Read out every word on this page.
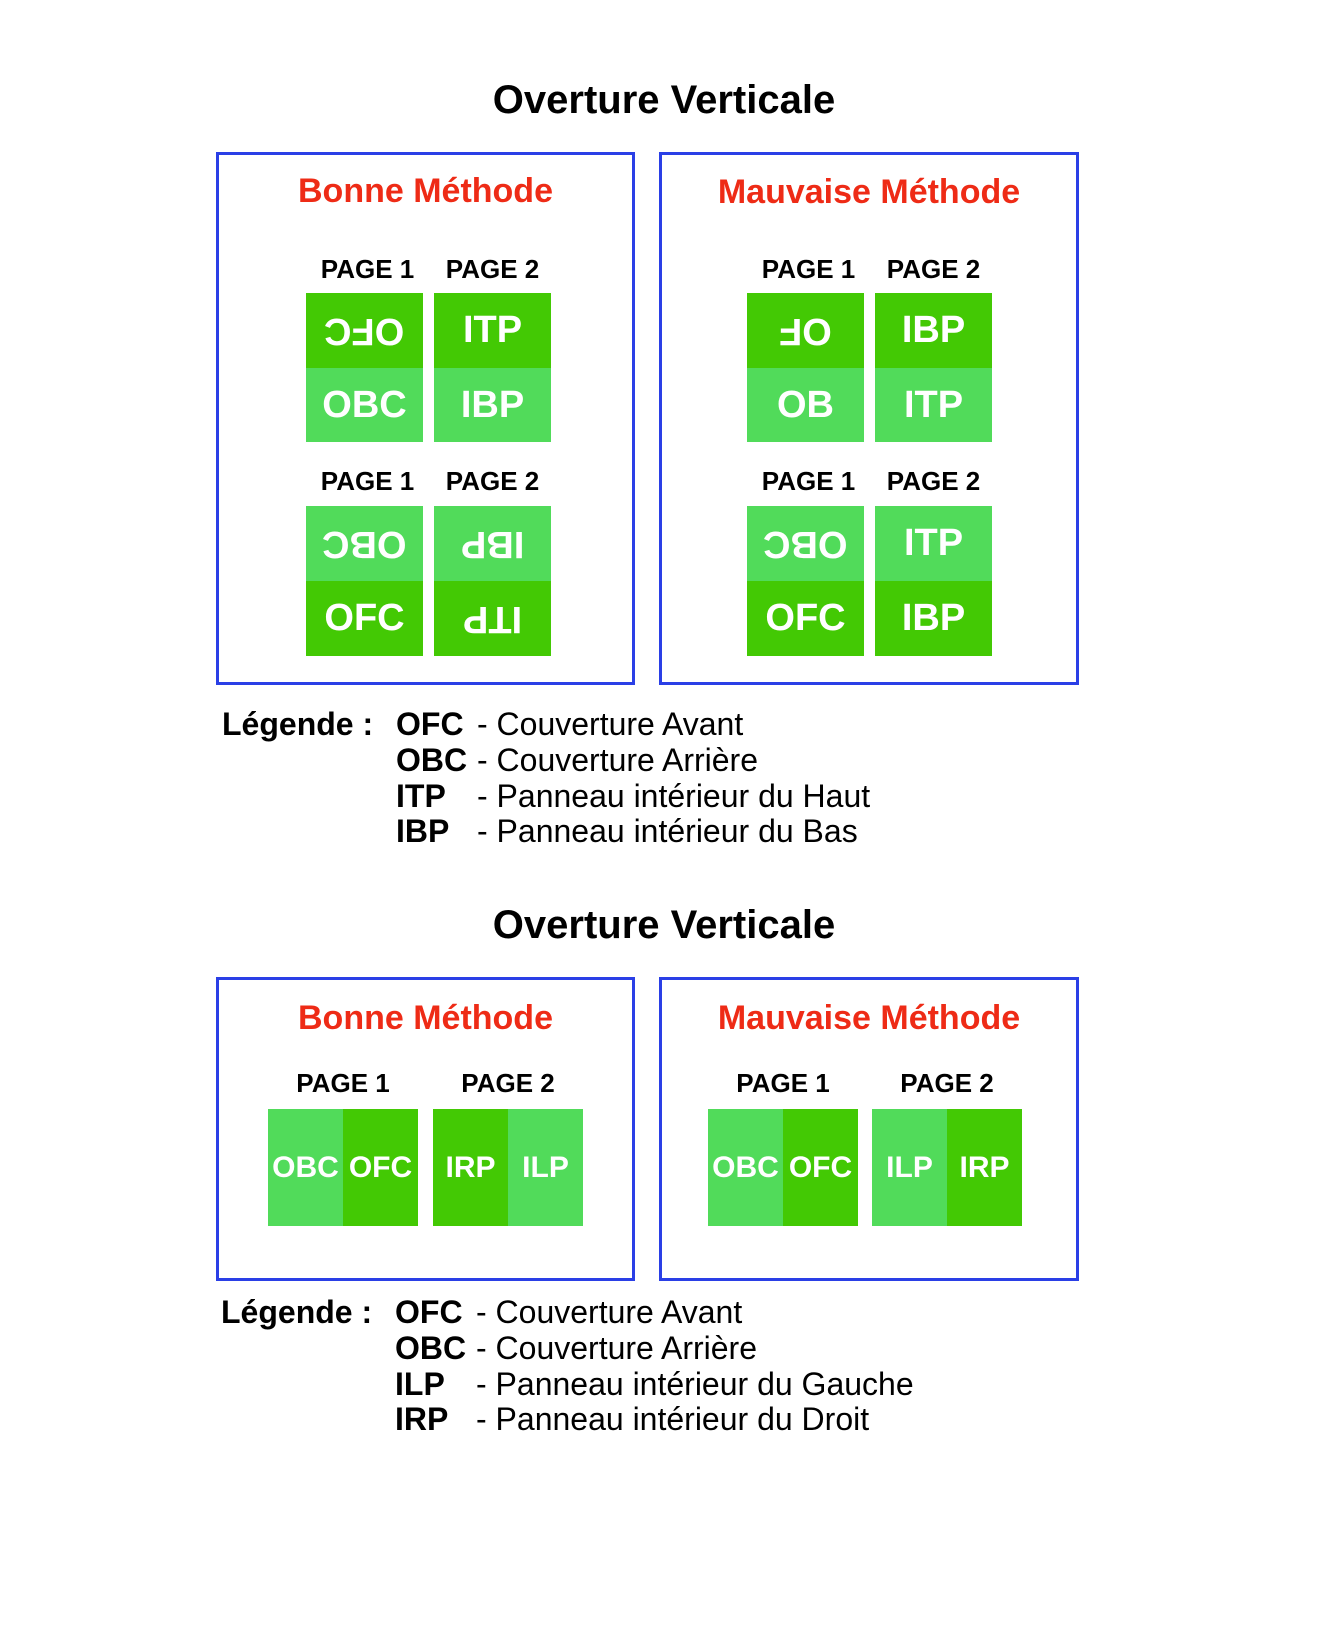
Overture Verticale
Bonne Méthode
PAGE 1	PAGE 2
OFC
OBC
ITP
IBP
PAGE 1	PAGE 2
OBC
OFC
IBP
ITP
Mauvaise Méthode
PAGE 1	PAGE 2
OF
OB
IBP
ITP
PAGE 1	PAGE 2
OBC
OFC
ITP
IBP
Légende : OFC - Couverture Avant
OBC - Couverture Arrière
ITP - Panneau intérieur du Haut
IBP - Panneau intérieur du Bas
Overture Verticale
Bonne Méthode
PAGE 1	PAGE 2
OBC OFC	IRP ILP
Mauvaise Méthode
PAGE 1	PAGE 2
OBC OFC	ILP IRP
Légende : OFC - Couverture Avant
OBC - Couverture Arrière
ILP - Panneau intérieur du Gauche
IRP - Panneau intérieur du Droit
